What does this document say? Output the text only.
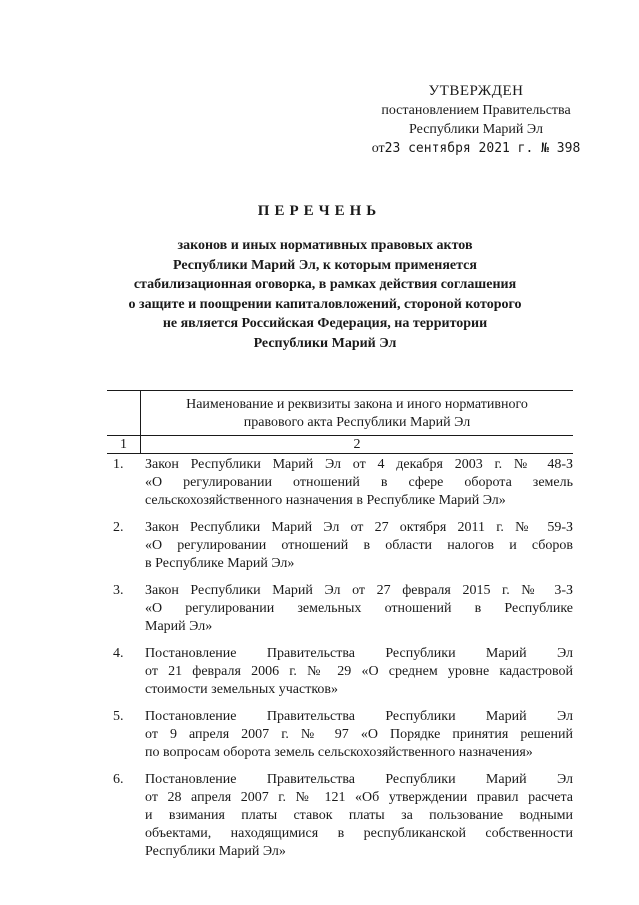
УТВЕРЖДЕН
постановлением Правительства
Республики Марий Эл
от23 сентября 2021 г. № 398
ПЕРЕЧЕНЬ
законов и иных нормативных правовых актов
Республики Марий Эл, к которым применяется
стабилизационная оговорка, в рамках действия соглашения
о защите и поощрении капиталовложений, стороной которого
не является Российская Федерация, на территории
Республики Марий Эл
Наименование и реквизиты закона и иного нормативного
правового акта Республики Марий Эл
1	2
1.	Закон Республики Марий Эл от 4 декабря 2003 г. № 48-З
«О регулировании отношений в сфере оборота земель
сельскохозяйственного назначения в Республике Марий Эл»
2.	Закон Республики Марий Эл от 27 октября 2011 г. № 59-З
«О регулировании отношений в области налогов и сборов
в Республике Марий Эл»
3.	Закон Республики Марий Эл от 27 февраля 2015 г. № 3-З
«О регулировании земельных отношений в Республике
Марий Эл»
4.	Постановление Правительства Республики Марий Эл
от 21 февраля 2006 г. № 29 «О среднем уровне кадастровой
стоимости земельных участков»
5.	Постановление Правительства Республики Марий Эл
от 9 апреля 2007 г. № 97 «О Порядке принятия решений
по вопросам оборота земель сельскохозяйственного назначения»
6.	Постановление Правительства Республики Марий Эл
от 28 апреля 2007 г. № 121 «Об утверждении правил расчета
и взимания платы ставок платы за пользование водными
объектами, находящимися в республиканской собственности
Республики Марий Эл»
